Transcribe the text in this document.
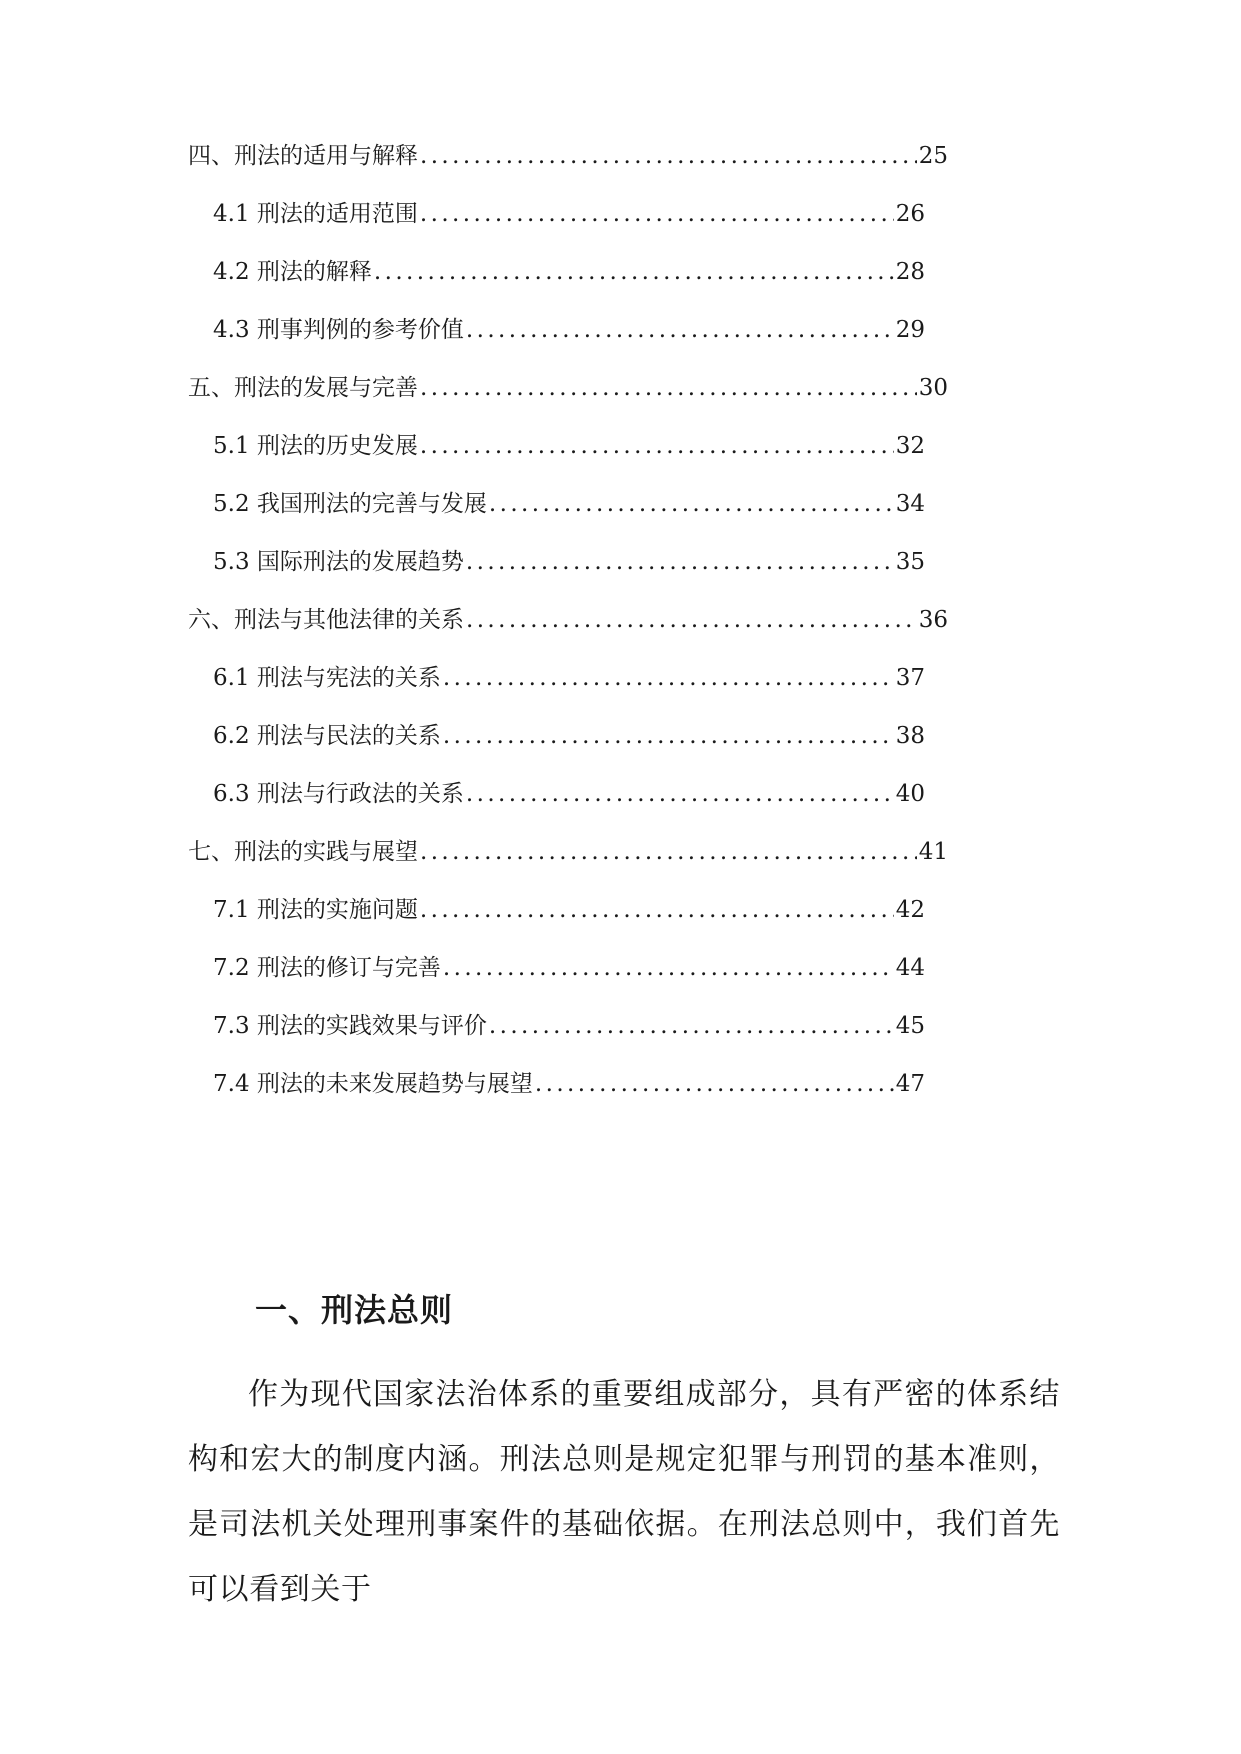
四、刑法的适用与解释 .....	25
4.1 刑法的适用范围 .....	26
4.2 刑法的解释 .....	28
4.3 刑事判例的参考价值 .....	29
五、刑法的发展与完善 .....	30
5.1 刑法的历史发展 .....	32
5.2 我国刑法的完善与发展 .....	34
5.3 国际刑法的发展趋势 .....	35
六、刑法与其他法律的关系 .....	36
6.1 刑法与宪法的关系 .....	37
6.2 刑法与民法的关系 .....	38
6.3 刑法与行政法的关系 .....	40
七、刑法的实践与展望 .....	41
7.1 刑法的实施问题 .....	42
7.2 刑法的修订与完善 .....	44
7.3 刑法的实践效果与评价 .....	45
7.4 刑法的未来发展趋势与展望 .....	47
一、刑法总则

作为现代国家法治体系的重要组成部分，具有严密的体系结构和宏大的制度内涵。刑法总则是规定犯罪与刑罚的基本准则，是司法机关处理刑事案件的基础依据。在刑法总则中，我们首先可以看到关于
